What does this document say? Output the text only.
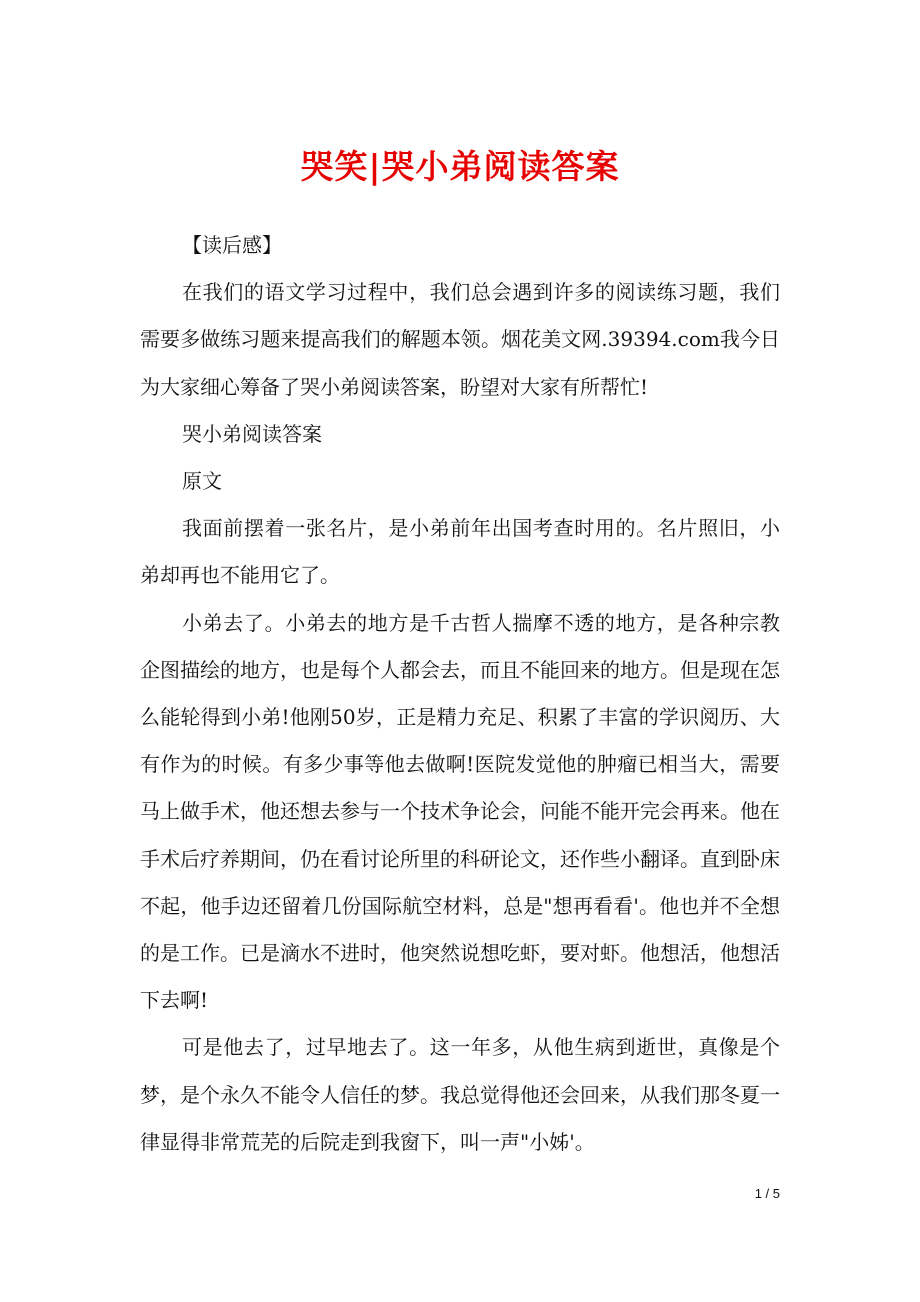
哭笑|哭小弟阅读答案

【读后感】

在我们的语文学习过程中，我们总会遇到许多的阅读练习题，我们需要多做练习题来提高我们的解题本领。烟花美文网.39394.com我今日为大家细心筹备了哭小弟阅读答案，盼望对大家有所帮忙!

哭小弟阅读答案

原文

我面前摆着一张名片，是小弟前年出国考查时用的。名片照旧，小弟却再也不能用它了。

小弟去了。小弟去的地方是千古哲人揣摩不透的地方，是各种宗教企图描绘的地方，也是每个人都会去，而且不能回来的地方。但是现在怎么能轮得到小弟!他刚50岁，正是精力充足、积累了丰富的学识阅历、大有作为的时候。有多少事等他去做啊!医院发觉他的肿瘤已相当大，需要马上做手术，他还想去参与一个技术争论会，问能不能开完会再来。他在手术后疗养期间，仍在看讨论所里的科研论文，还作些小翻译。直到卧床不起，他手边还留着几份国际航空材料，总是"想再看看'。他也并不全想的是工作。已是滴水不进时，他突然说想吃虾，要对虾。他想活，他想活下去啊!

可是他去了，过早地去了。这一年多，从他生病到逝世，真像是个梦，是个永久不能令人信任的梦。我总觉得他还会回来，从我们那冬夏一律显得非常荒芜的后院走到我窗下，叫一声"小姊'。

1 / 5
